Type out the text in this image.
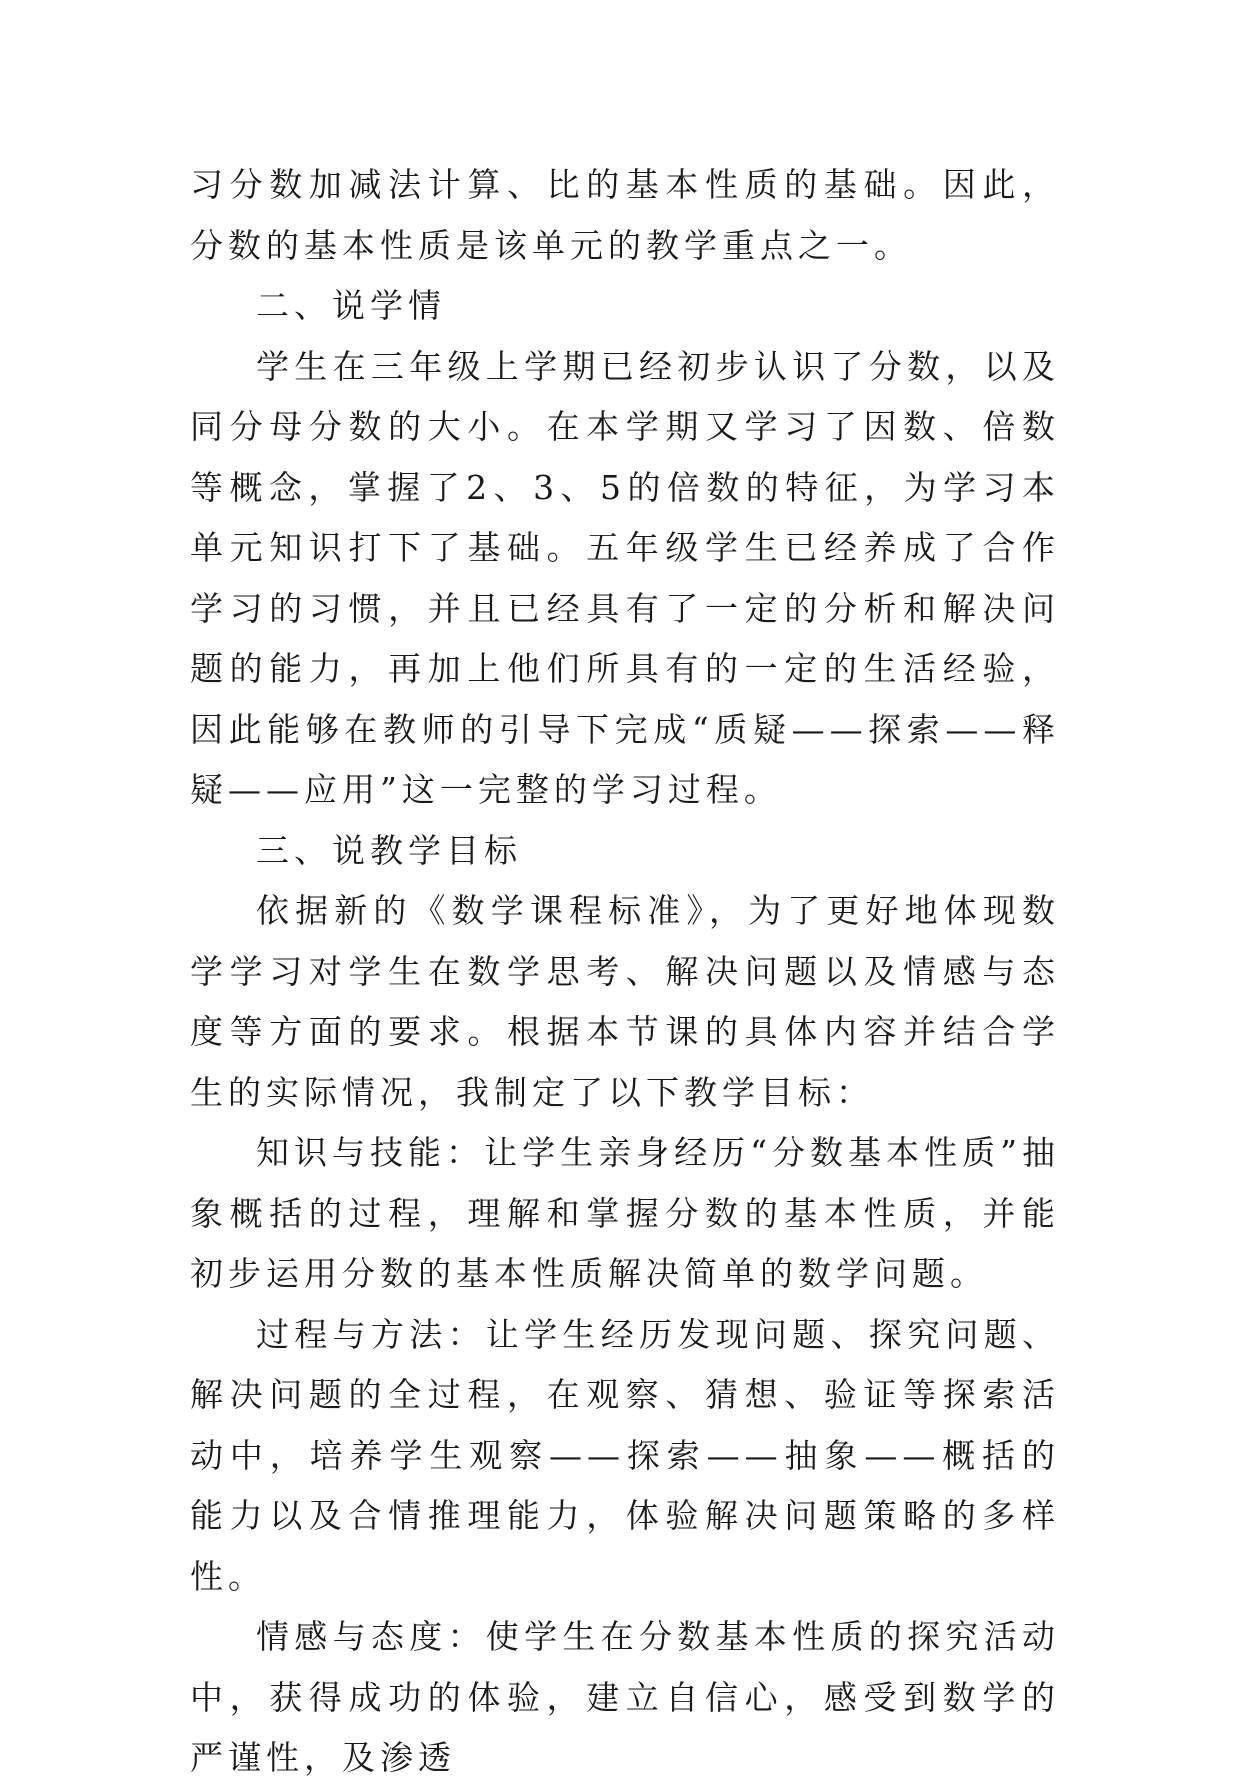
习分数加减法计算、比的基本性质的基础。因此，分数的基本性质是该单元的教学重点之一。

二、说学情

学生在三年级上学期已经初步认识了分数，以及同分母分数的大小。在本学期又学习了因数、倍数等概念，掌握了2、3、5的倍数的特征，为学习本单元知识打下了基础。五年级学生已经养成了合作学习的习惯，并且已经具有了一定的分析和解决问题的能力，再加上他们所具有的一定的生活经验，因此能够在教师的引导下完成“质疑——探索——释疑——应用”这一完整的学习过程。

三、说教学目标

依据新的《数学课程标准》，为了更好地体现数学学习对学生在数学思考、解决问题以及情感与态度等方面的要求。根据本节课的具体内容并结合学生的实际情况，我制定了以下教学目标：

知识与技能：让学生亲身经历“分数基本性质”抽象概括的过程，理解和掌握分数的基本性质，并能初步运用分数的基本性质解决简单的数学问题。

过程与方法：让学生经历发现问题、探究问题、解决问题的全过程，在观察、猜想、验证等探索活动中，培养学生观察——探索——抽象——概括的能力以及合情推理能力，体验解决问题策略的多样性。

情感与态度：使学生在分数基本性质的探究活动中，获得成功的体验，建立自信心，感受到数学的严谨性，及渗透
